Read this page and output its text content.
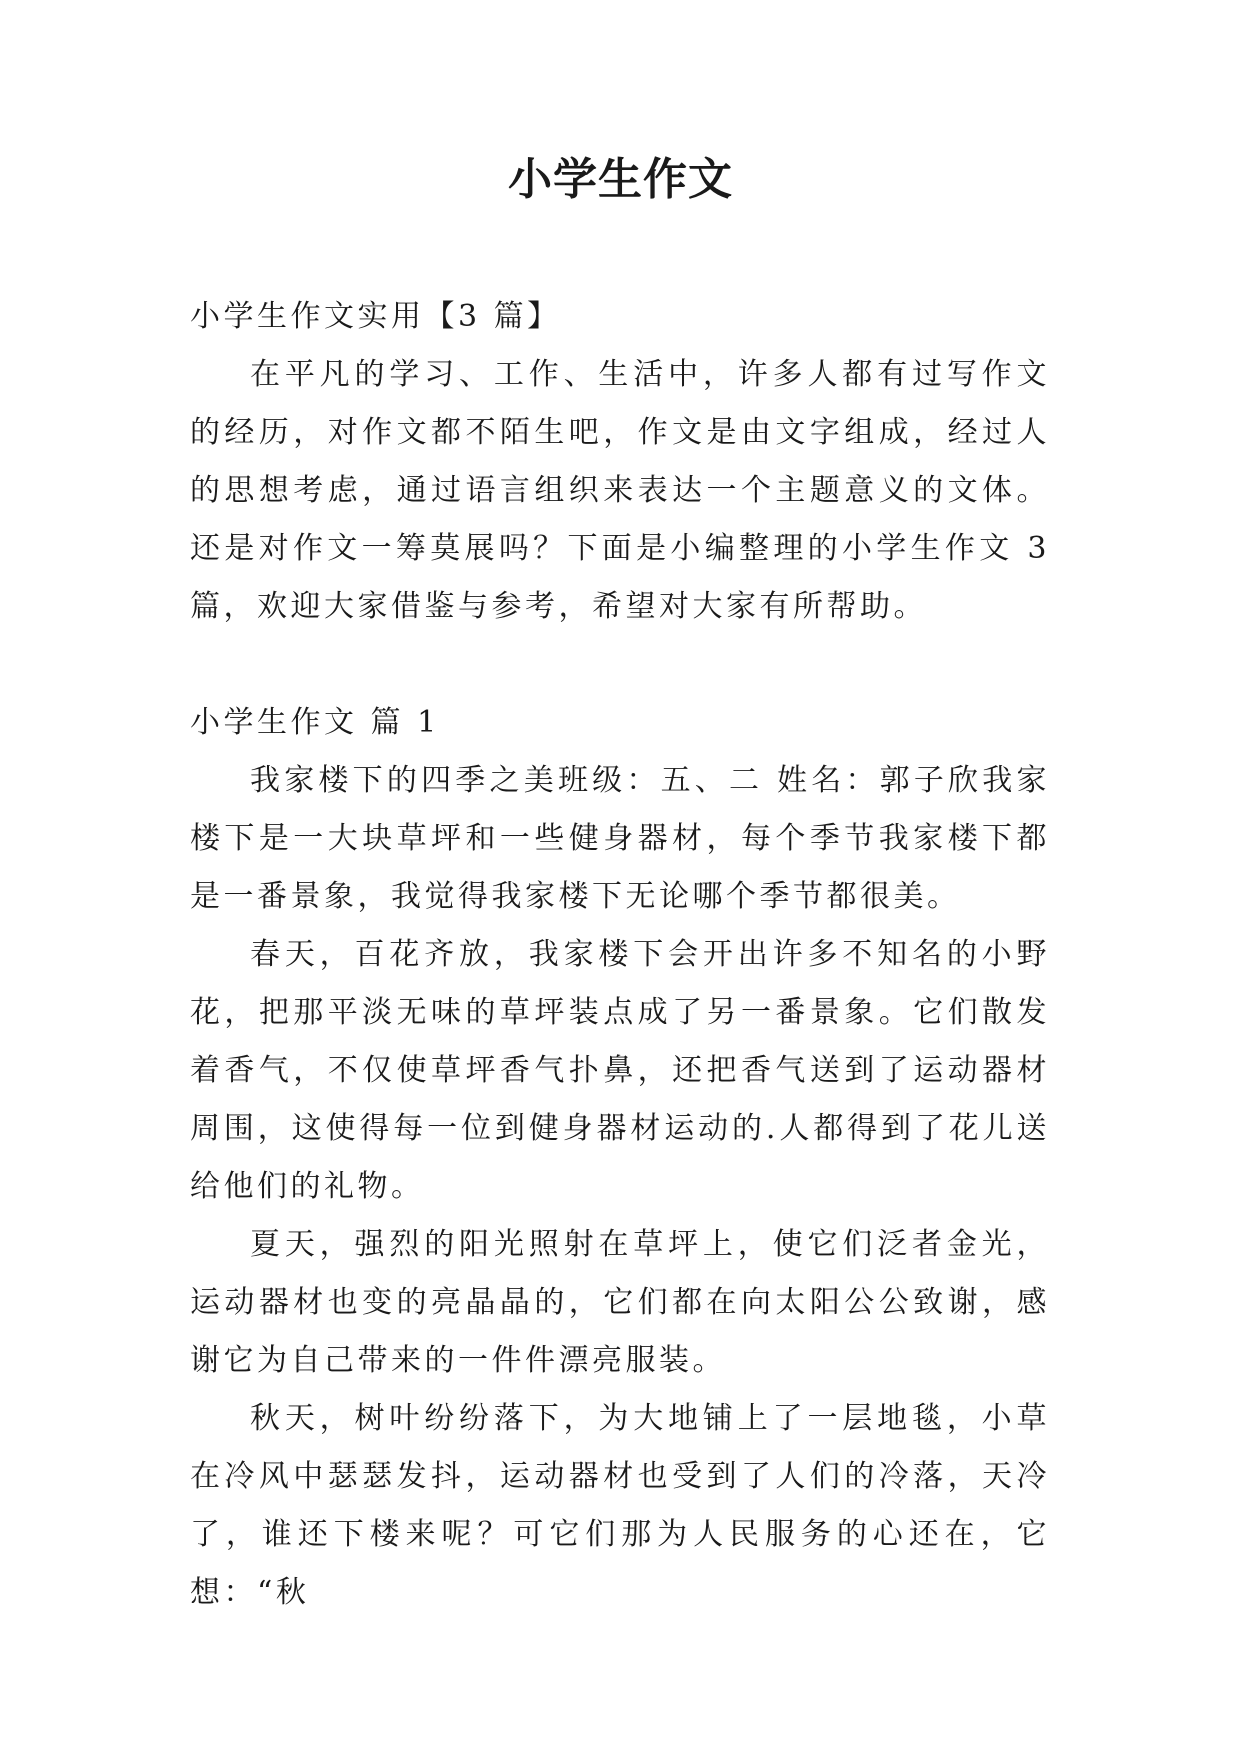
小学生作文

小学生作文实用【3 篇】

在平凡的学习、工作、生活中，许多人都有过写作文的经历，对作文都不陌生吧，作文是由文字组成，经过人的思想考虑，通过语言组织来表达一个主题意义的文体。还是对作文一筹莫展吗？下面是小编整理的小学生作文 3 篇，欢迎大家借鉴与参考，希望对大家有所帮助。

小学生作文 篇 1

我家楼下的四季之美班级：五、二 姓名：郭子欣我家楼下是一大块草坪和一些健身器材，每个季节我家楼下都是一番景象，我觉得我家楼下无论哪个季节都很美。

春天，百花齐放，我家楼下会开出许多不知名的小野花，把那平淡无味的草坪装点成了另一番景象。它们散发着香气，不仅使草坪香气扑鼻，还把香气送到了运动器材周围，这使得每一位到健身器材运动的.人都得到了花儿送给他们的礼物。

夏天，强烈的阳光照射在草坪上，使它们泛者金光，运动器材也变的亮晶晶的，它们都在向太阳公公致谢，感谢它为自己带来的一件件漂亮服装。

秋天，树叶纷纷落下，为大地铺上了一层地毯，小草在冷风中瑟瑟发抖，运动器材也受到了人们的冷落，天冷了，谁还下楼来呢？可它们那为人民服务的心还在，它想：“秋
